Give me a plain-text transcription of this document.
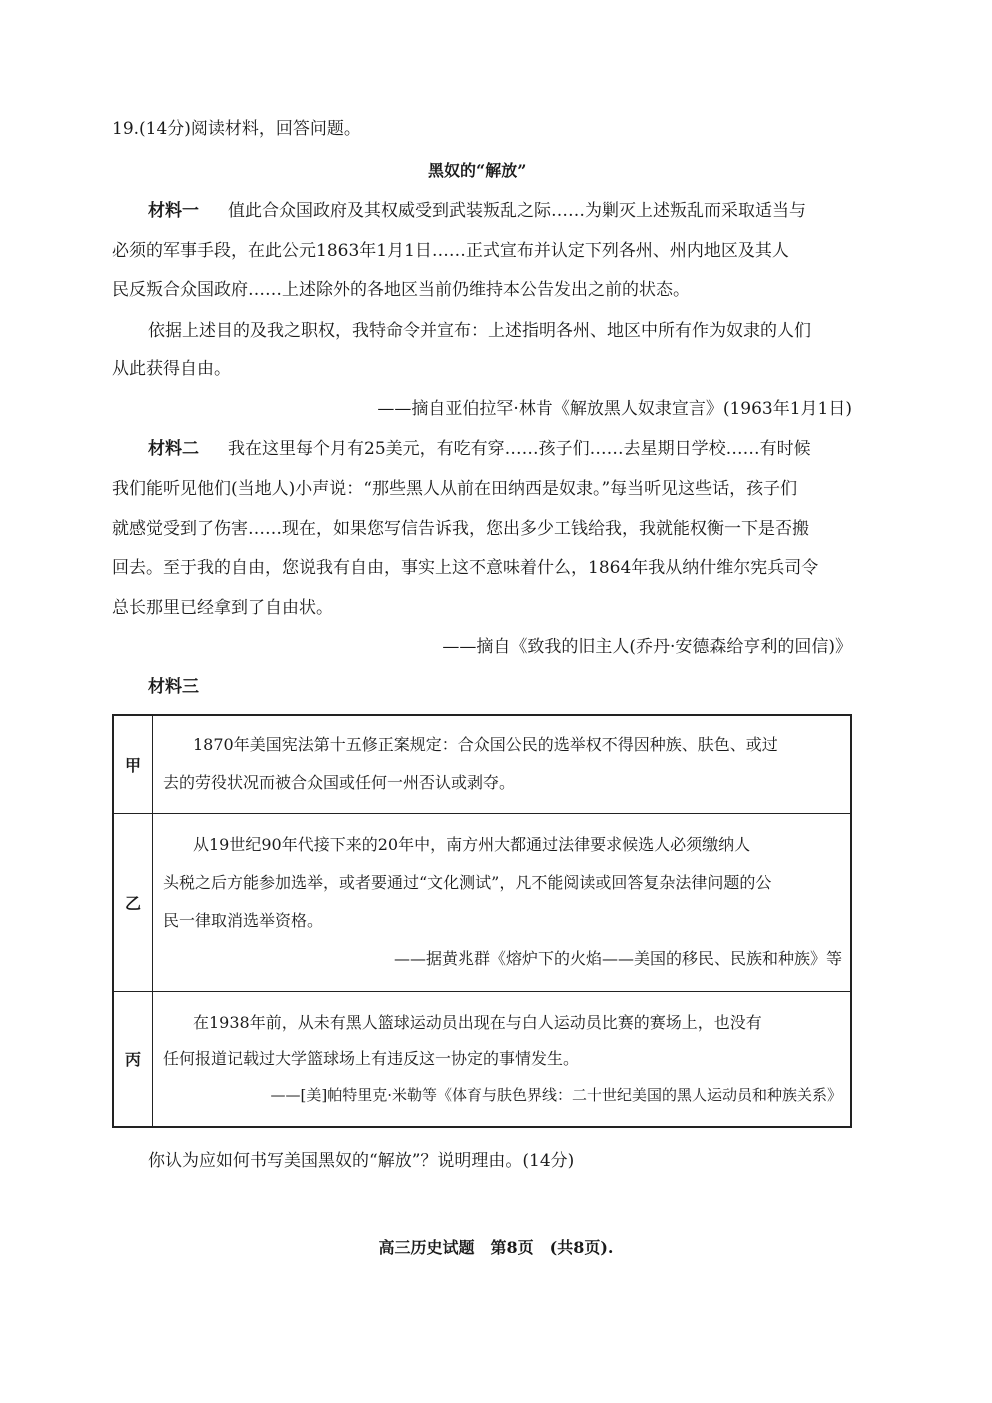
19.(14分)阅读材料，回答问题。
黑奴的“解放”
材料一 值此合众国政府及其权威受到武装叛乱之际……为剿灭上述叛乱而采取适当与
必须的军事手段，在此公元1863年1月1日……正式宣布并认定下列各州、州内地区及其人
民反叛合众国政府……上述除外的各地区当前仍维持本公告发出之前的状态。
依据上述目的及我之职权，我特命令并宣布：上述指明各州、地区中所有作为奴隶的人们
从此获得自由。
——摘自亚伯拉罕·林肯《解放黑人奴隶宣言》(1963年1月1日)
材料二 我在这里每个月有25美元，有吃有穿……孩子们……去星期日学校……有时候
我们能听见他们(当地人)小声说：“那些黑人从前在田纳西是奴隶。”每当听见这些话，孩子们
就感觉受到了伤害……现在，如果您写信告诉我，您出多少工钱给我，我就能权衡一下是否搬
回去。至于我的自由，您说我有自由，事实上这不意味着什么，1864年我从纳什维尔宪兵司令
总长那里已经拿到了自由状。
——摘自《致我的旧主人(乔丹·安德森给亨利的回信)》
材料三
甲	1870年美国宪法第十五修正案规定：合众国公民的选举权不得因种族、肤色、或过
去的劳役状况而被合众国或任何一州否认或剥夺。

乙	从19世纪90年代接下来的20年中，南方州大都通过法律要求候选人必须缴纳人
头税之后方能参加选举，或者要通过“文化测试”，凡不能阅读或回答复杂法律问题的公
民一律取消选举资格。
——据黄兆群《熔炉下的火焰——美国的移民、民族和种族》等

丙	在1938年前，从未有黑人篮球运动员出现在与白人运动员比赛的赛场上，也没有
任何报道记载过大学篮球场上有违反这一协定的事情发生。
——[美]帕特里克·米勒等《体育与肤色界线：二十世纪美国的黑人运动员和种族关系》
你认为应如何书写美国黑奴的“解放”？说明理由。(14分)
高三历史试题　第8页　(共8页).
